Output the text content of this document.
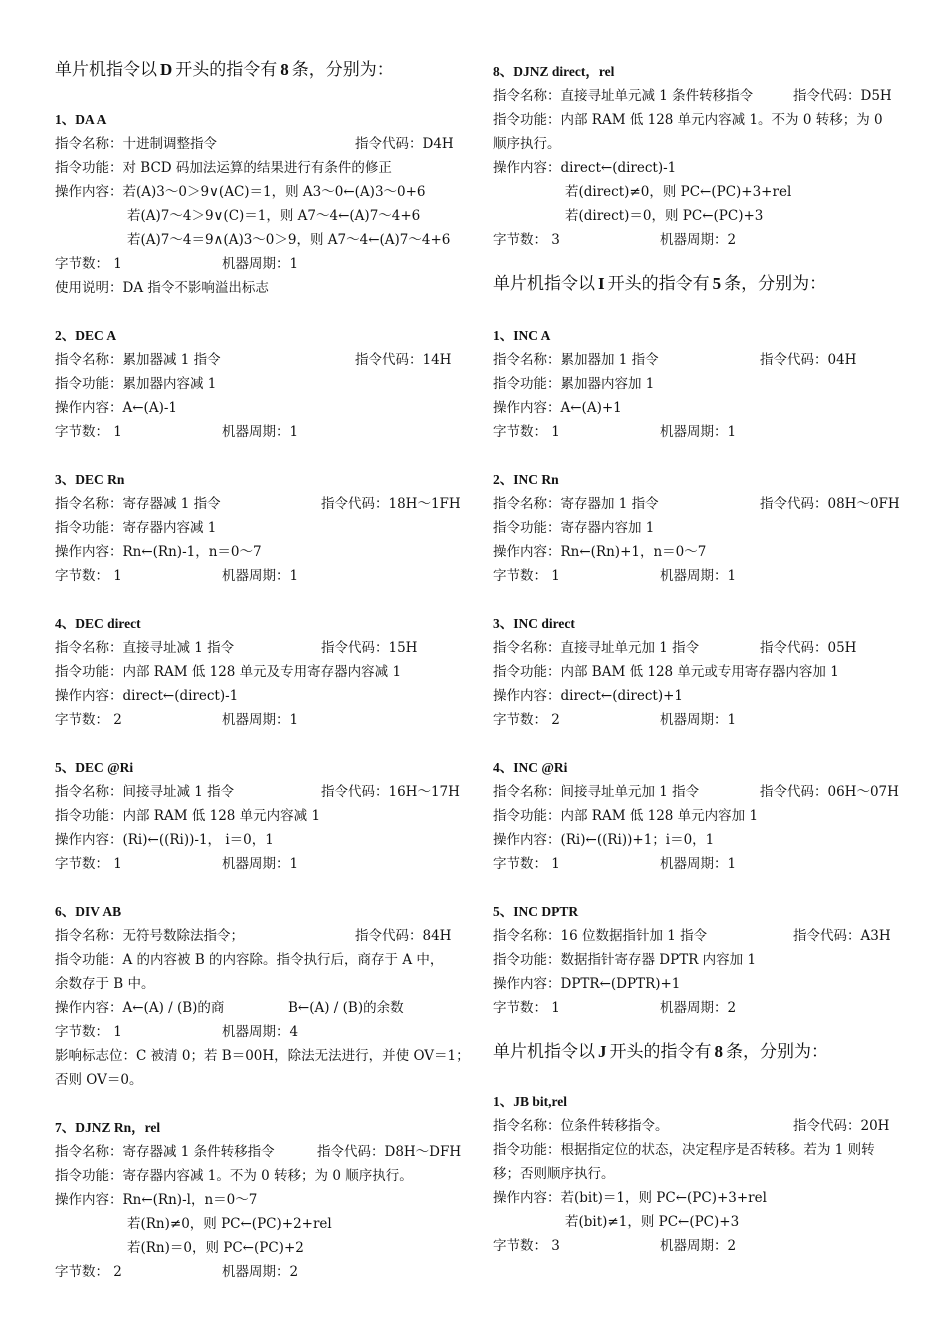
单片机指令以 D 开头的指令有 8 条，分别为：
1、DA A
指令名称：十进制调整指令	指令代码：D4H
指令功能：对 BCD 码加法运算的结果进行有条件的修正
操作内容：若(A)3～0＞9∨(AC)＝1，则 A3～0←(A)3～0+6
若(A)7～4＞9∨(C)＝1，则 A7～4←(A)7～4+6
若(A)7～4＝9∧(A)3～0＞9，则 A7～4←(A)7～4+6
字节数： 1	机器周期：1
使用说明：DA 指令不影响溢出标志
2、DEC A
指令名称：累加器减 1 指令	指令代码：14H
指令功能：累加器内容减 1
操作内容：A←(A)-1
字节数： 1	机器周期：1
3、DEC Rn
指令名称：寄存器减 1 指令	指令代码：18H～1FH
指令功能：寄存器内容减 1
操作内容：Rn←(Rn)-1，n＝0～7
字节数： 1	机器周期：1
4、DEC direct
指令名称：直接寻址减 1 指令	指令代码：15H
指令功能：内部 RAM 低 128 单元及专用寄存器内容减 1
操作内容：direct←(direct)-1
字节数： 2	机器周期：1
5、DEC @Ri
指令名称：间接寻址减 1 指令	指令代码：16H～17H
指令功能：内部 RAM 低 128 单元内容减 1
操作内容：(Ri)←((Ri))-1， i＝0，1
字节数： 1	机器周期：1
6、DIV AB
指令名称：无符号数除法指令；	指令代码：84H
指令功能：A 的内容被 B 的内容除。指令执行后，商存于 A 中，
余数存于 B 中。
操作内容：A←(A) / (B)的商	B←(A) / (B)的余数
字节数： 1	机器周期：4
影响标志位：C 被清 0；若 B＝00H，除法无法进行，并使 OV＝1；
否则 OV＝0。
7、DJNZ Rn，rel
指令名称：寄存器减 1 条件转移指令	指令代码：D8H～DFH
指令功能：寄存器内容减 1。不为 0 转移；为 0 顺序执行。
操作内容：Rn←(Rn)-l，n＝0～7
若(Rn)≠0，则 PC←(PC)+2+rel
若(Rn)＝0，则 PC←(PC)+2
字节数： 2	机器周期：2
8、DJNZ direct，rel
指令名称：直接寻址单元减 1 条件转移指令	指令代码：D5H
指令功能：内部 RAM 低 128 单元内容减 1。不为 0 转移；为 0
顺序执行。
操作内容：direct←(direct)-1
若(direct)≠0，则 PC←(PC)+3+rel
若(direct)＝0，则 PC←(PC)+3
字节数： 3	机器周期：2
单片机指令以 I 开头的指令有 5 条，分别为：
1、INC A
指令名称：累加器加 1 指令	指令代码：04H
指令功能：累加器内容加 1
操作内容：A←(A)+1
字节数： 1	机器周期：1
2、INC Rn
指令名称：寄存器加 1 指令	指令代码：08H～0FH
指令功能：寄存器内容加 1
操作内容：Rn←(Rn)+1，n＝0～7
字节数： 1	机器周期：1
3、INC direct
指令名称：直接寻址单元加 1 指令	指令代码：05H
指令功能：内部 BAM 低 128 单元或专用寄存器内容加 1
操作内容：direct←(direct)+1
字节数： 2	机器周期：1
4、INC @Ri
指令名称：间接寻址单元加 1 指令	指令代码：06H～07H
指令功能：内部 RAM 低 128 单元内容加 1
操作内容：(Ri)←((Ri))+1；i＝0，1
字节数： 1	机器周期：1
5、INC DPTR
指令名称：16 位数据指针加 1 指令	指令代码：A3H
指令功能：数据指针寄存器 DPTR 内容加 1
操作内容：DPTR←(DPTR)+1
字节数： 1	机器周期：2
单片机指令以 J 开头的指令有 8 条，分别为：
1、JB bit,rel
指令名称：位条件转移指令。	指令代码：20H
指令功能：根据指定位的状态，决定程序是否转移。若为 1 则转
移；否则顺序执行。
操作内容：若(bit)＝1，则 PC←(PC)+3+rel
若(bit)≠1，则 PC←(PC)+3
字节数： 3	机器周期：2
